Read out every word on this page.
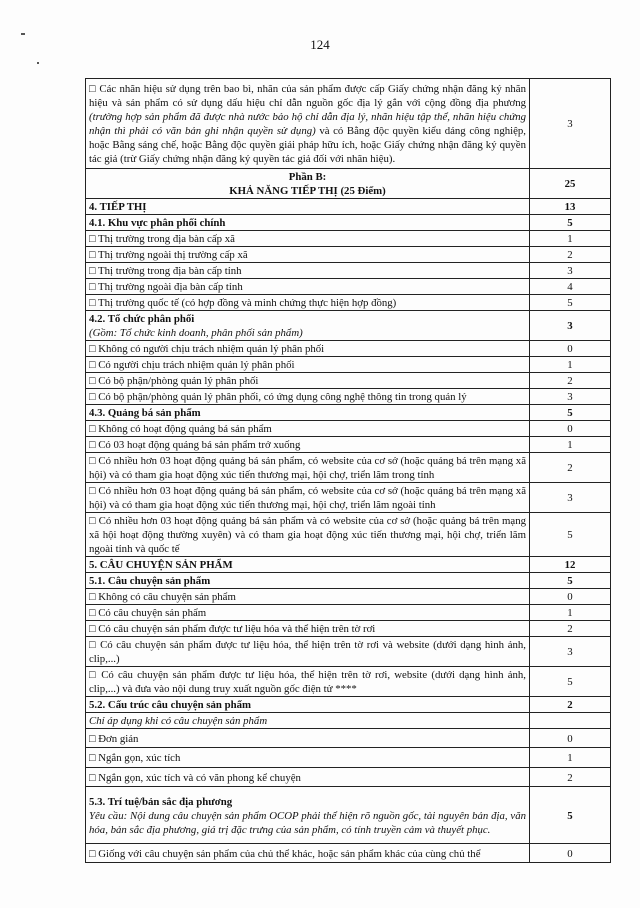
124
□ Các nhãn hiệu sử dụng trên bao bì, nhãn của sản phẩm được cấp Giấy chứng nhận đăng ký nhãn hiệu và sản phẩm có sử dụng dấu hiệu chỉ dẫn nguồn gốc địa lý gắn với cộng đồng địa phương (trường hợp sản phẩm đã được nhà nước bảo hộ chỉ dẫn địa lý, nhãn hiệu tập thể, nhãn hiệu chứng nhận thì phải có văn bản ghi nhận quyền sử dụng) và có Bằng độc quyền kiểu dáng công nghiệp, hoặc Bằng sáng chế, hoặc Bằng độc quyền giải pháp hữu ích, hoặc Giấy chứng nhận đăng ký quyền tác giả (trừ Giấy chứng nhận đăng ký quyền tác giả đối với nhãn hiệu).	3

Phần B:
KHẢ NĂNG TIẾP THỊ (25 Điểm)	25
4. TIẾP THỊ	13
4.1. Khu vực phân phối chính	5
□ Thị trường trong địa bàn cấp xã	1
□ Thị trường ngoài thị trường cấp xã	2
□ Thị trường trong địa bàn cấp tỉnh	3
□ Thị trường ngoài địa bàn cấp tỉnh	4
□ Thị trường quốc tế (có hợp đồng và minh chứng thực hiện hợp đồng)	5

4.2. Tổ chức phân phối
(Gồm: Tổ chức kinh doanh, phân phối sản phẩm)	3
□ Không có người chịu trách nhiệm quản lý phân phối	0
□ Có người chịu trách nhiệm quản lý phân phối	1
□ Có bộ phận/phòng quản lý phân phối	2
□ Có bộ phận/phòng quản lý phân phối, có ứng dụng công nghệ thông tin trong quản lý	3
4.3. Quảng bá sản phẩm	5
□ Không có hoạt động quảng bá sản phẩm	0
□ Có 03 hoạt động quảng bá sản phẩm trở xuống	1
□ Có nhiều hơn 03 hoạt động quảng bá sản phẩm, có website của cơ sở (hoặc quảng bá trên mạng xã hội) và có tham gia hoạt động xúc tiến thương mại, hội chợ, triển lãm trong tỉnh	2
□ Có nhiều hơn 03 hoạt động quảng bá sản phẩm, có website của cơ sở (hoặc quảng bá trên mạng xã hội) và có tham gia hoạt động xúc tiến thương mại, hội chợ, triển lãm ngoài tỉnh	3
□ Có nhiều hơn 03 hoạt động quảng bá sản phẩm và có website của cơ sở (hoặc quảng bá trên mạng xã hội hoạt động thường xuyên) và có tham gia hoạt động xúc tiến thương mại, hội chợ, triển lãm ngoài tỉnh và quốc tế	5
5. CÂU CHUYỆN SẢN PHẨM	12
5.1. Câu chuyện sản phẩm	5
□ Không có câu chuyện sản phẩm	0
□ Có câu chuyện sản phẩm	1
□ Có câu chuyện sản phẩm được tư liệu hóa và thể hiện trên tờ rơi	2
□ Có câu chuyện sản phẩm được tư liệu hóa, thể hiện trên tờ rơi và website (dưới dạng hình ảnh, clip,...)	3
□ Có câu chuyện sản phẩm được tư liệu hóa, thể hiện trên tờ rơi, website (dưới dạng hình ảnh, clip,...) và đưa vào nội dung truy xuất nguồn gốc điện tử ****	5
5.2. Cấu trúc câu chuyện sản phẩm	2
Chỉ áp dụng khi có câu chuyện sản phẩm	
□ Đơn giản	0
□ Ngắn gọn, xúc tích	1
□ Ngắn gọn, xúc tích và có văn phong kể chuyện	2

5.3. Trí tuệ/bản sắc địa phương
Yêu cầu: Nội dung câu chuyện sản phẩm OCOP phải thể hiện rõ nguồn gốc, tài nguyên bản địa, văn hóa, bản sắc địa phương, giá trị đặc trưng của sản phẩm, có tính truyền cảm và thuyết phục.	5
□ Giống với câu chuyện sản phẩm của chủ thể khác, hoặc sản phẩm khác của cùng chủ thể	0
